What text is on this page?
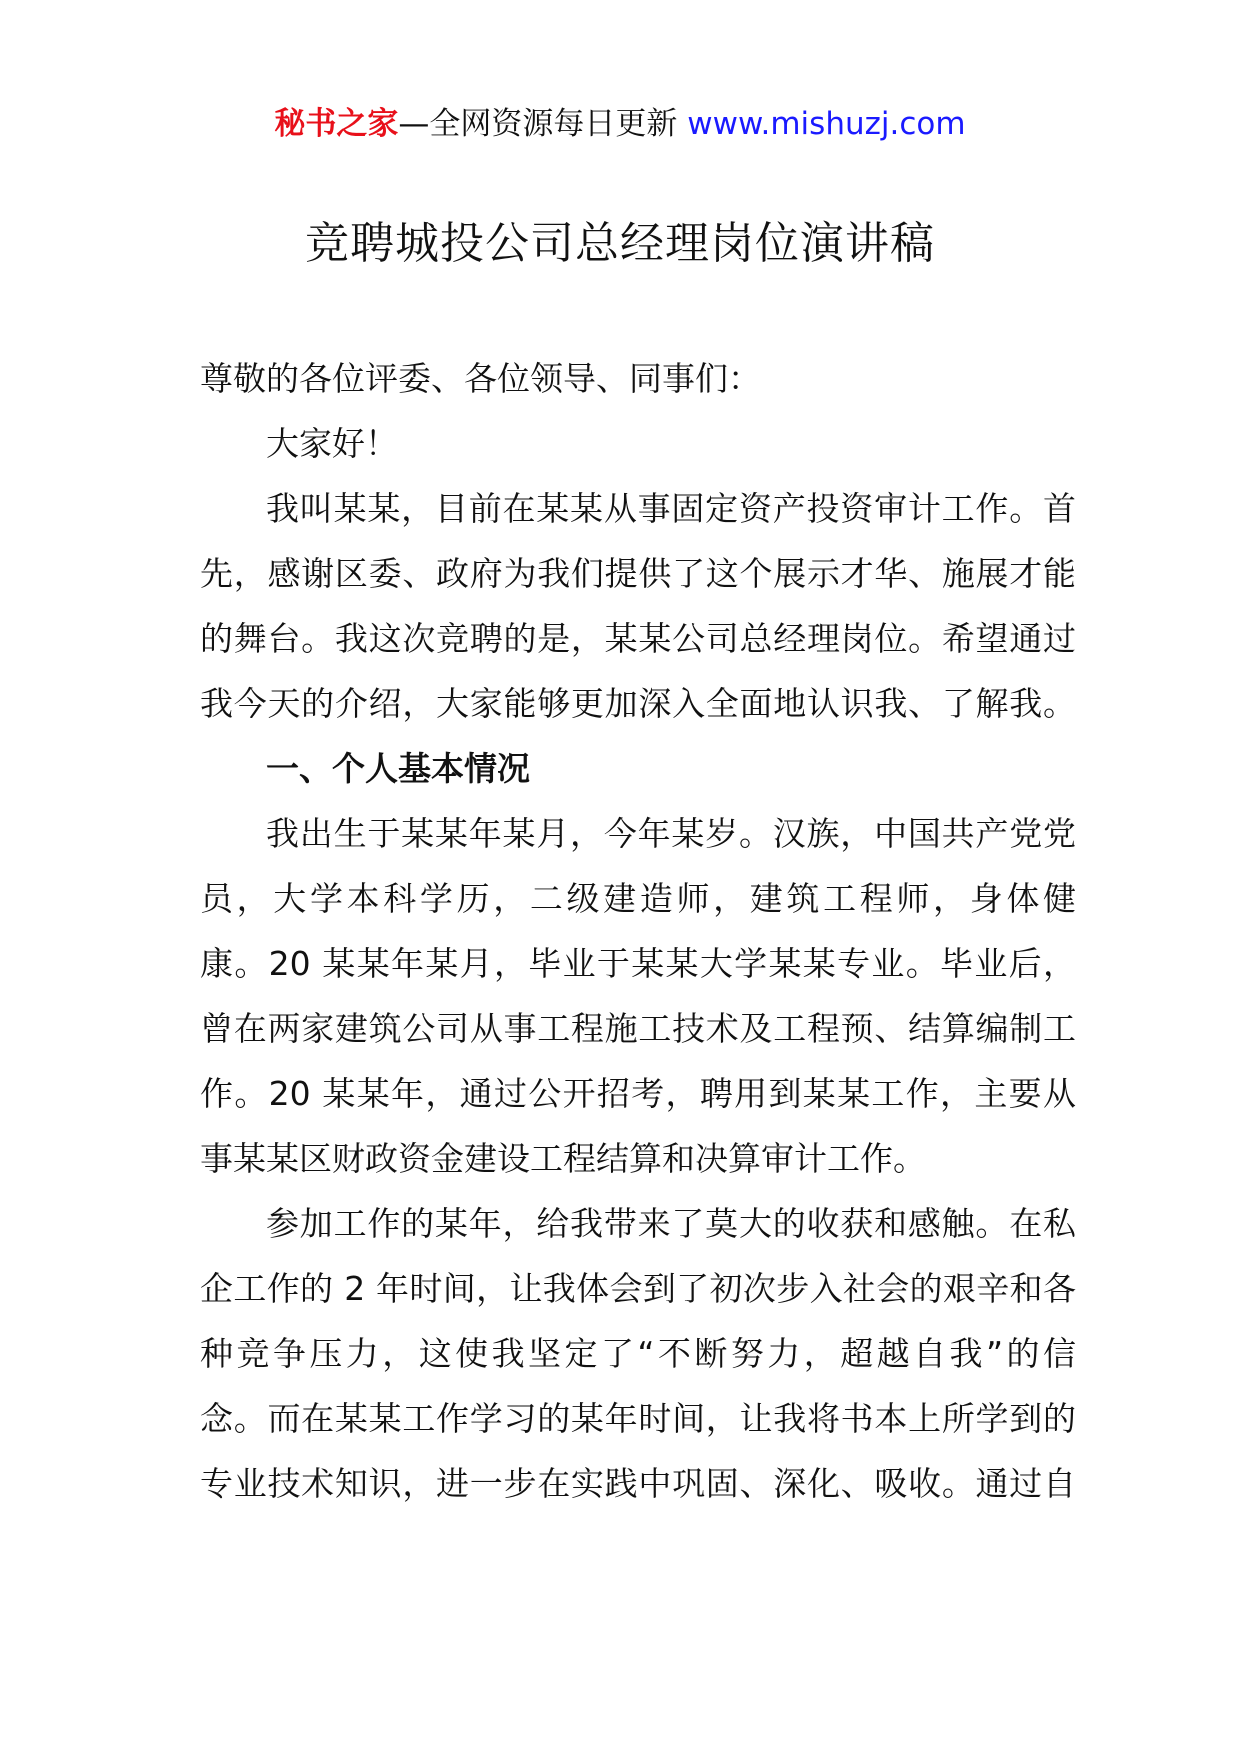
秘书之家—全网资源每日更新 www.mishuzj.com
竞聘城投公司总经理岗位演讲稿
尊敬的各位评委、各位领导、同事们：
大家好！
我叫某某，目前在某某从事固定资产投资审计工作。首
先，感谢区委、政府为我们提供了这个展示才华、施展才能
的舞台。我这次竞聘的是，某某公司总经理岗位。希望通过
我今天的介绍，大家能够更加深入全面地认识我、了解我。
一、个人基本情况
我出生于某某年某月，今年某岁。汉族，中国共产党党
员，大学本科学历，二级建造师，建筑工程师，身体健
康。20 某某年某月，毕业于某某大学某某专业。毕业后，
曾在两家建筑公司从事工程施工技术及工程预、结算编制工
作。20 某某年，通过公开招考，聘用到某某工作，主要从
事某某区财政资金建设工程结算和决算审计工作。
参加工作的某年，给我带来了莫大的收获和感触。在私
企工作的 2 年时间，让我体会到了初次步入社会的艰辛和各
种竞争压力，这使我坚定了“不断努力，超越自我”的信
念。而在某某工作学习的某年时间，让我将书本上所学到的
专业技术知识，进一步在实践中巩固、深化、吸收。通过自
